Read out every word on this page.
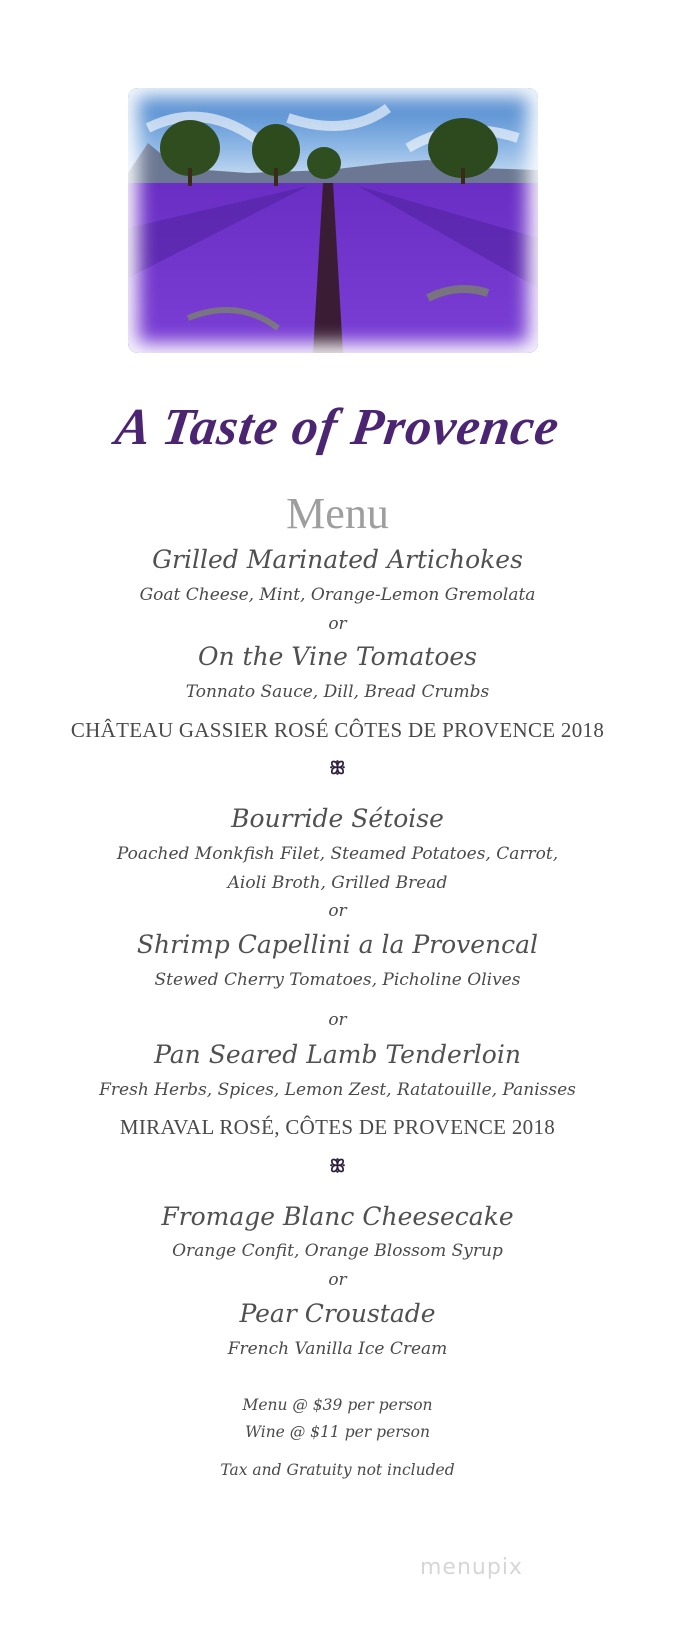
A Taste of Provence
Menu
Grilled Marinated Artichokes
Goat Cheese, Mint, Orange-Lemon Gremolata
or
On the Vine Tomatoes
Tonnato Sauce, Dill, Bread Crumbs
CHÂTEAU GASSIER ROSÉ CÔTES DE PROVENCE 2018
ꕥ
Bourride Sétoise
Poached Monkfish Filet, Steamed Potatoes, Carrot,
Aioli Broth, Grilled Bread
or
Shrimp Capellini a la Provencal
Stewed Cherry Tomatoes, Picholine Olives
or
Pan Seared Lamb Tenderloin
Fresh Herbs, Spices, Lemon Zest, Ratatouille, Panisses
MIRAVAL ROSÉ, CÔTES DE PROVENCE 2018
ꕥ
Fromage Blanc Cheesecake
Orange Confit, Orange Blossom Syrup
or
Pear Croustade
French Vanilla Ice Cream
Menu @ $39 per person
Wine @ $11 per person
Tax and Gratuity not included
menupix
